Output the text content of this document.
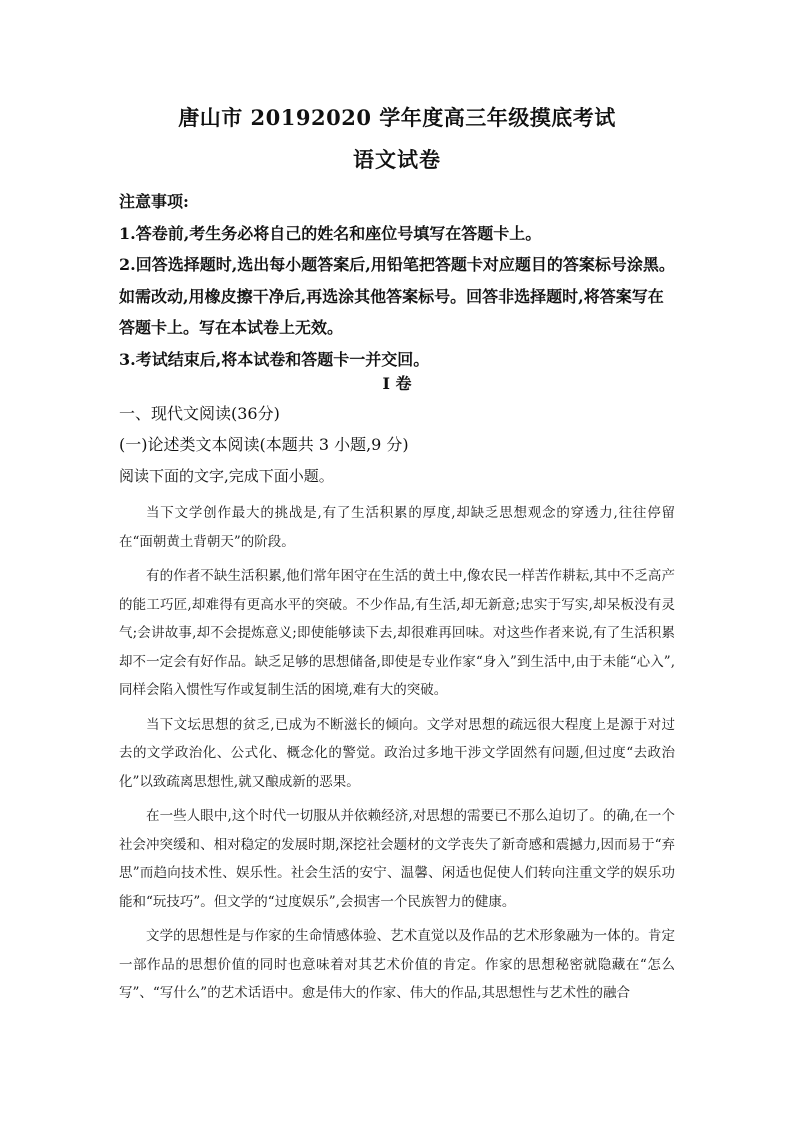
唐山市 20192020 学年度高三年级摸底考试
语文试卷

注意事项:

1.答卷前,考生务必将自己的姓名和座位号填写在答题卡上。

2.回答选择题时,选出每小题答案后,用铅笔把答题卡对应题目的答案标号涂黑。

如需改动,用橡皮擦干净后,再选涂其他答案标号。回答非选择题时,将答案写在

答题卡上。写在本试卷上无效。

3.考试结束后,将本试卷和答题卡一并交回。

I 卷
一、现代文阅读(36分)
(一)论述类文本阅读(本题共 3 小题,9 分)
阅读下面的文字,完成下面小题。

当下文学创作最大的挑战是,有了生活积累的厚度,却缺乏思想观念的穿透力,往往停留在“面朝黄土背朝天”的阶段。

有的作者不缺生活积累,他们常年困守在生活的黄土中,像农民一样苦作耕耘,其中不乏高产的能工巧匠,却难得有更高水平的突破。不少作品,有生活,却无新意;忠实于写实,却呆板没有灵气;会讲故事,却不会提炼意义;即使能够读下去,却很难再回味。对这些作者来说,有了生活积累却不一定会有好作品。缺乏足够的思想储备,即使是专业作家“身入”到生活中,由于未能“心入”,同样会陷入惯性写作或复制生活的困境,难有大的突破。

当下文坛思想的贫乏,已成为不断滋长的倾向。文学对思想的疏远很大程度上是源于对过去的文学政治化、公式化、概念化的警觉。政治过多地干涉文学固然有问题,但过度“去政治化”以致疏离思想性,就又酿成新的恶果。

在一些人眼中,这个时代一切服从并依赖经济,对思想的需要已不那么迫切了。的确,在一个社会冲突缓和、相对稳定的发展时期,深挖社会题材的文学丧失了新奇感和震撼力,因而易于“弃思”而趋向技术性、娱乐性。社会生活的安宁、温馨、闲适也促使人们转向注重文学的娱乐功能和“玩技巧”。但文学的“过度娱乐”,会损害一个民族智力的健康。

文学的思想性是与作家的生命情感体验、艺术直觉以及作品的艺术形象融为一体的。肯定一部作品的思想价值的同时也意味着对其艺术价值的肯定。作家的思想秘密就隐藏在“怎么写”、“写什么”的艺术话语中。愈是伟大的作家、伟大的作品,其思想性与艺术性的融合
